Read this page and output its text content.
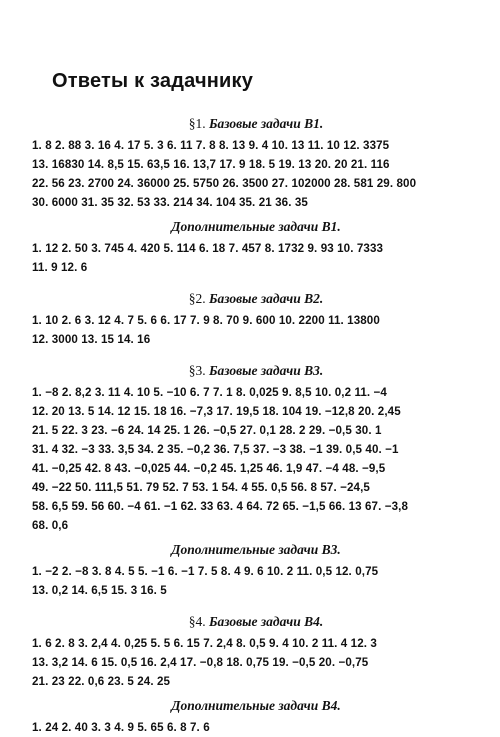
Ответы к задачнику
§1. Базовые задачи B1.
1. 8 2. 88 3. 16 4. 17 5. 3 6. 11 7. 8 8. 13 9. 4 10. 13 11. 10 12. 3375
13. 16830 14. 8,5 15. 63,5 16. 13,7 17. 9 18. 5 19. 13 20. 20 21. 116
22. 56 23. 2700 24. 36000 25. 5750 26. 3500 27. 102000 28. 581 29. 800
30. 6000 31. 35 32. 53 33. 214 34. 104 35. 21 36. 35
Дополнительные задачи B1.
1. 12 2. 50 3. 745 4. 420 5. 114 6. 18 7. 457 8. 1732 9. 93 10. 7333
11. 9 12. 6
§2. Базовые задачи B2.
1. 10 2. 6 3. 12 4. 7 5. 6 6. 17 7. 9 8. 70 9. 600 10. 2200 11. 13800
12. 3000 13. 15 14. 16
§3. Базовые задачи B3.
1. −8 2. 8,2 3. 11 4. 10 5. −10 6. 7 7. 1 8. 0,025 9. 8,5 10. 0,2 11. −4
12. 20 13. 5 14. 12 15. 18 16. −7,3 17. 19,5 18. 104 19. −12,8 20. 2,45
21. 5 22. 3 23. −6 24. 14 25. 1 26. −0,5 27. 0,1 28. 2 29. −0,5 30. 1
31. 4 32. −3 33. 3,5 34. 2 35. −0,2 36. 7,5 37. −3 38. −1 39. 0,5 40. −1
41. −0,25 42. 8 43. −0,025 44. −0,2 45. 1,25 46. 1,9 47. −4 48. −9,5
49. −22 50. 111,5 51. 79 52. 7 53. 1 54. 4 55. 0,5 56. 8 57. −24,5
58. 6,5 59. 56 60. −4 61. −1 62. 33 63. 4 64. 72 65. −1,5 66. 13 67. −3,8
68. 0,6
Дополнительные задачи B3.
1. −2 2. −8 3. 8 4. 5 5. −1 6. −1 7. 5 8. 4 9. 6 10. 2 11. 0,5 12. 0,75
13. 0,2 14. 6,5 15. 3 16. 5
§4. Базовые задачи B4.
1. 6 2. 8 3. 2,4 4. 0,25 5. 5 6. 15 7. 2,4 8. 0,5 9. 4 10. 2 11. 4 12. 3
13. 3,2 14. 6 15. 0,5 16. 2,4 17. −0,8 18. 0,75 19. −0,5 20. −0,75
21. 23 22. 0,6 23. 5 24. 25
Дополнительные задачи B4.
1. 24 2. 40 3. 3 4. 9 5. 65 6. 8 7. 6
